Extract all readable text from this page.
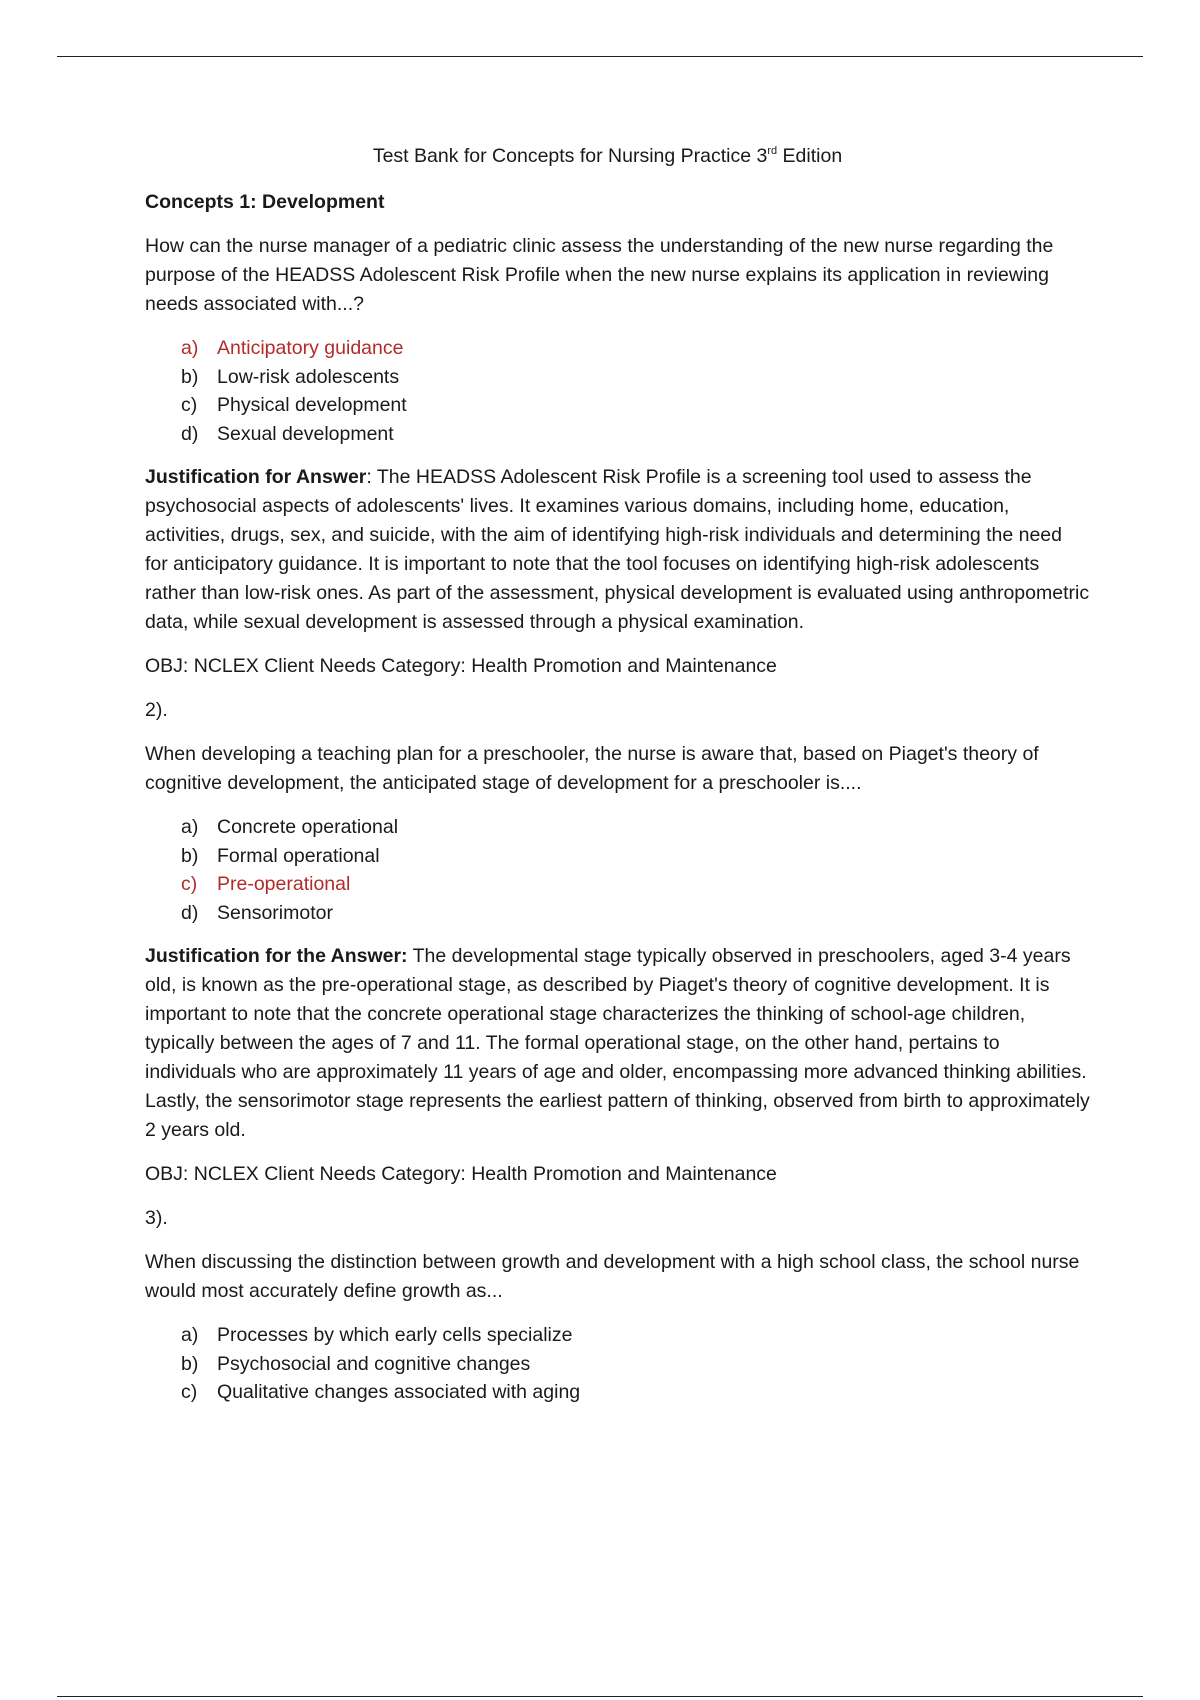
Test Bank for Concepts for Nursing Practice 3rd Edition
Concepts 1: Development

How can the nurse manager of a pediatric clinic assess the understanding of the new nurse regarding the purpose of the HEADSS Adolescent Risk Profile when the new nurse explains its application in reviewing needs associated with...?

a) Anticipatory guidance
b) Low-risk adolescents
c)	Physical development
d) Sexual development

Justification for Answer: The HEADSS Adolescent Risk Profile is a screening tool used to assess the psychosocial aspects of adolescents' lives. It examines various domains, including home, education, activities, drugs, sex, and suicide, with the aim of identifying high-risk individuals and determining the need for anticipatory guidance. It is important to note that the tool focuses on identifying high-risk adolescents rather than low-risk ones. As part of the assessment, physical development is evaluated using anthropometric data, while sexual development is assessed through a physical examination.

OBJ: NCLEX Client Needs Category: Health Promotion and Maintenance

2).

When developing a teaching plan for a preschooler, the nurse is aware that, based on Piaget's theory of cognitive development, the anticipated stage of development for a preschooler is....

a) Concrete operational
b) Formal operational
c)	Pre-operational
d) Sensorimotor

Justification for the Answer: The developmental stage typically observed in preschoolers, aged 3-4 years old, is known as the pre-operational stage, as described by Piaget's theory of cognitive development. It is important to note that the concrete operational stage characterizes the thinking of school-age children, typically between the ages of 7 and 11. The formal operational stage, on the other hand, pertains to individuals who are approximately 11 years of age and older, encompassing more advanced thinking abilities. Lastly, the sensorimotor stage represents the earliest pattern of thinking, observed from birth to approximately 2 years old.

OBJ: NCLEX Client Needs Category: Health Promotion and Maintenance

3).

When discussing the distinction between growth and development with a high school class, the school nurse would most accurately define growth as...

a) Processes by which early cells specialize
b) Psychosocial and cognitive changes
c)	Qualitative changes associated with aging
